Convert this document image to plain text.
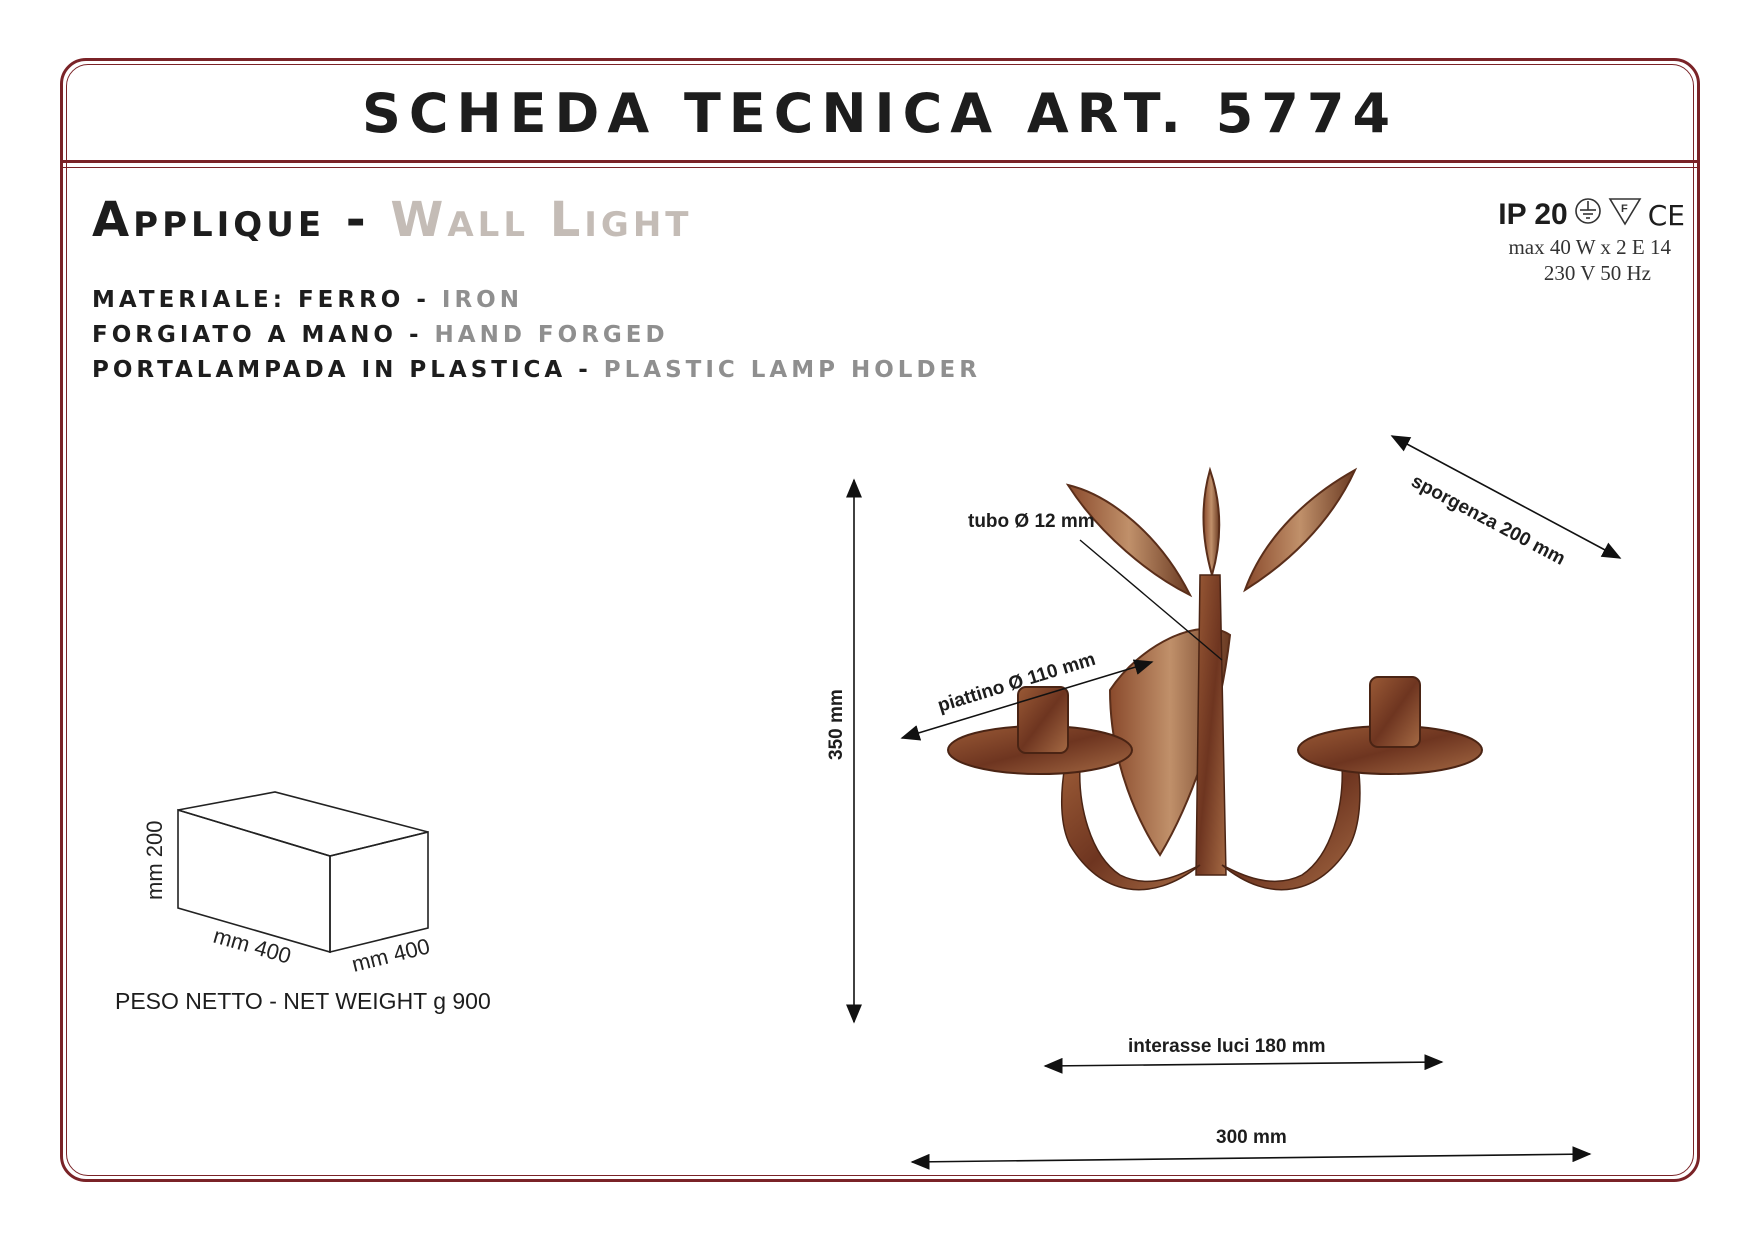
SCHEDA TECNICA ART. 5774
Applique - Wall Light
MATERIALE: FERRO - IRON
FORGIATO A MANO - HAND FORGED
PORTALAMPADA IN PLASTICA - PLASTIC LAMP HOLDER
IP 20	F CE
max 40 W x 2 E 14
230 V 50 Hz
mm 200
mm 400	mm 400
PESO NETTO - NET WEIGHT g 900
350 mm
sporgenza 200 mm
piattino Ø 110 mm
tubo Ø 12 mm
interasse luci 180 mm
300 mm
